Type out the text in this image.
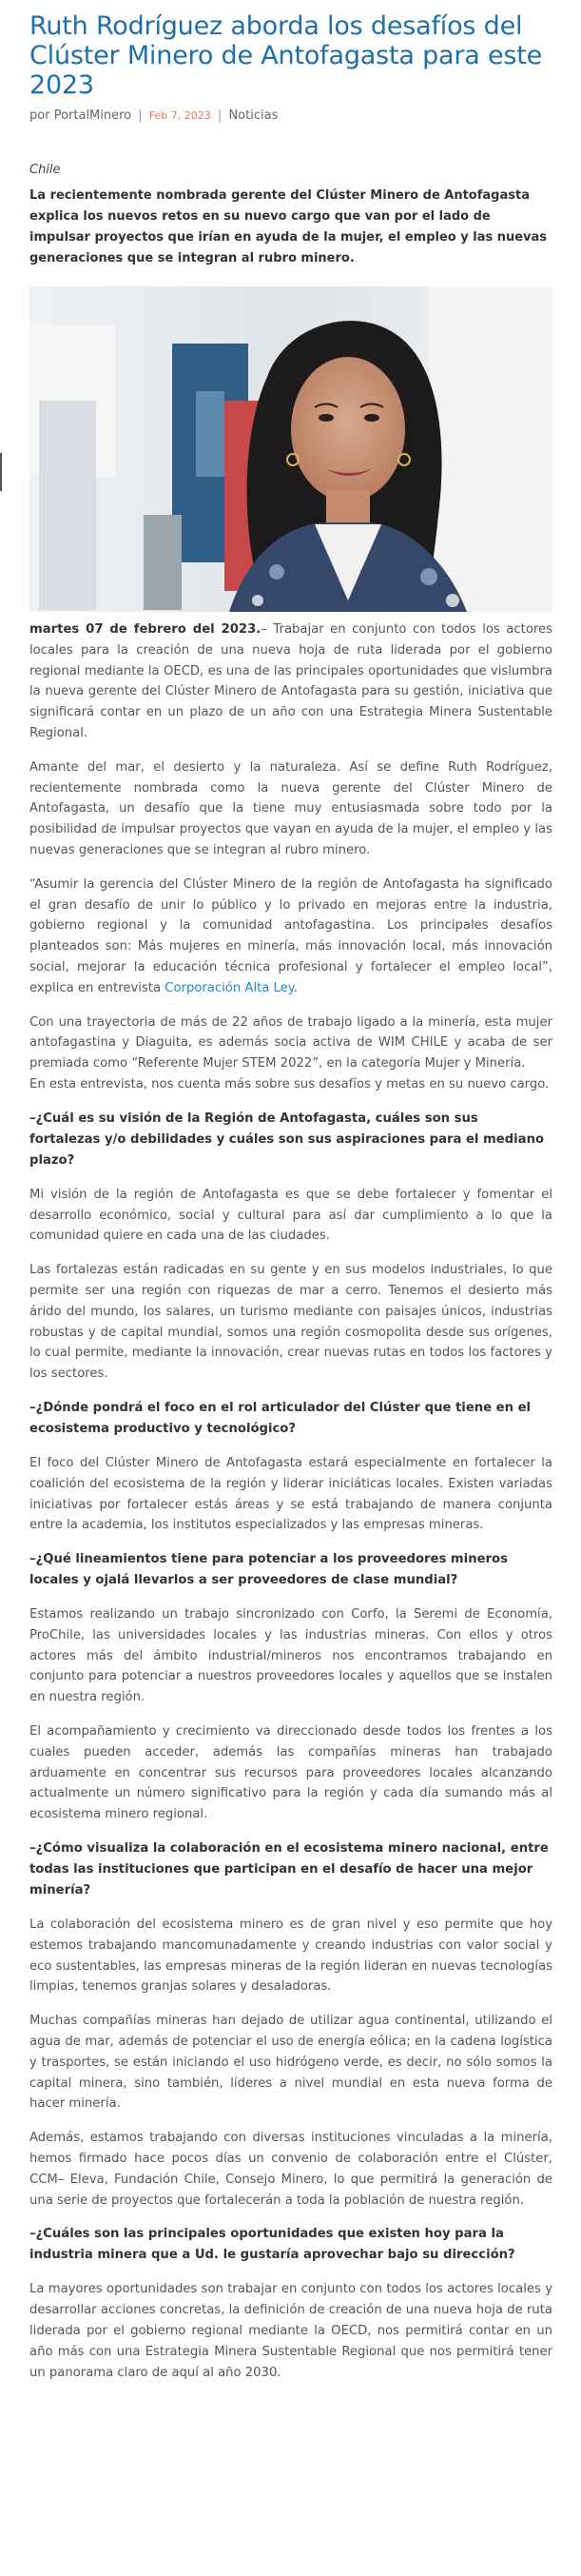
Ruth Rodríguez aborda los desafíos del Clúster Minero de Antofagasta para este 2023
por PortalMinero | Feb 7, 2023 | Noticias
Chile
La recientemente nombrada gerente del Clúster Minero de Antofagasta explica los nuevos retos en su nuevo cargo que van por el lado de impulsar proyectos que irían en ayuda de la mujer, el empleo y las nuevas generaciones que se integran al rubro minero.

martes 07 de febrero del 2023.– Trabajar en conjunto con todos los actores locales para la creación de una nueva hoja de ruta liderada por el gobierno regional mediante la OECD, es una de las principales oportunidades que vislumbra la nueva gerente del Clúster Minero de Antofagasta para su gestión, iniciativa que significará contar en un plazo de un año con una Estrategia Minera Sustentable Regional.

Amante del mar, el desierto y la naturaleza. Así se define Ruth Rodríguez, recientemente nombrada como la nueva gerente del Clúster Minero de Antofagasta, un desafío que la tiene muy entusiasmada sobre todo por la posibilidad de impulsar proyectos que vayan en ayuda de la mujer, el empleo y las nuevas generaciones que se integran al rubro minero.

“Asumir la gerencia del Clúster Minero de la región de Antofagasta ha significado el gran desafío de unir lo público y lo privado en mejoras entre la industria, gobierno regional y la comunidad antofagastina. Los principales desafíos planteados son: Más mujeres en minería, más innovación local, más innovación social, mejorar la educación técnica profesional y fortalecer el empleo local”, explica en entrevista Corporación Alta Ley.

Con una trayectoria de más de 22 años de trabajo ligado a la minería, esta mujer antofagastina y Diaguita, es además socia activa de WIM CHILE y acaba de ser premiada como “Referente Mujer STEM 2022”, en la categoría Mujer y Minería.
En esta entrevista, nos cuenta más sobre sus desafíos y metas en su nuevo cargo.

–¿Cuál es su visión de la Región de Antofagasta, cuáles son sus fortalezas y/o debilidades y cuáles son sus aspiraciones para el mediano plazo?

Mi visión de la región de Antofagasta es que se debe fortalecer y fomentar el desarrollo económico, social y cultural para así dar cumplimiento a lo que la comunidad quiere en cada una de las ciudades.

Las fortalezas están radicadas en su gente y en sus modelos industriales, lo que permite ser una región con riquezas de mar a cerro. Tenemos el desierto más árido del mundo, los salares, un turismo mediante con paisajes únicos, industrias robustas y de capital mundial, somos una región cosmopolita desde sus orígenes, lo cual permite, mediante la innovación, crear nuevas rutas en todos los factores y los sectores.

–¿Dónde pondrá el foco en el rol articulador del Clúster que tiene en el ecosistema productivo y tecnológico?

El foco del Clúster Minero de Antofagasta estará especialmente en fortalecer la coalición del ecosistema de la región y liderar iniciáticas locales. Existen variadas iniciativas por fortalecer estás áreas y se está trabajando de manera conjunta entre la academia, los institutos especializados y las empresas mineras.

–¿Qué lineamientos tiene para potenciar a los proveedores mineros locales y ojalá llevarlos a ser proveedores de clase mundial?

Estamos realizando un trabajo sincronizado con Corfo, la Seremi de Economía, ProChile, las universidades locales y las industrias mineras. Con ellos y otros actores más del ámbito industrial/mineros nos encontramos trabajando en conjunto para potenciar a nuestros proveedores locales y aquellos que se instalen en nuestra región.

El acompañamiento y crecimiento va direccionado desde todos los frentes a los cuales pueden acceder, además las compañías mineras han trabajado arduamente en concentrar sus recursos para proveedores locales alcanzando actualmente un número significativo para la región y cada día sumando más al ecosistema minero regional.

–¿Cómo visualiza la colaboración en el ecosistema minero nacional, entre todas las instituciones que participan en el desafío de hacer una mejor minería?

La colaboración del ecosistema minero es de gran nivel y eso permite que hoy estemos trabajando mancomunadamente y creando industrias con valor social y eco sustentables, las empresas mineras de la región lideran en nuevas tecnologías limpias, tenemos granjas solares y desaladoras.

Muchas compañías mineras han dejado de utilizar agua continental, utilizando el agua de mar, además de potenciar el uso de energía eólica; en la cadena logística y trasportes, se están iniciando el uso hidrógeno verde, es decir, no sólo somos la capital minera, sino también, líderes a nivel mundial en esta nueva forma de hacer minería.

Además, estamos trabajando con diversas instituciones vinculadas a la minería, hemos firmado hace pocos días un convenio de colaboración entre el Clúster, CCM– Eleva, Fundación Chile, Consejo Minero, lo que permitirá la generación de una serie de proyectos que fortalecerán a toda la población de nuestra región.

–¿Cuáles son las principales oportunidades que existen hoy para la industria minera que a Ud. le gustaría aprovechar bajo su dirección?

La mayores oportunidades son trabajar en conjunto con todos los actores locales y desarrollar acciones concretas, la definición de creación de una nueva hoja de ruta liderada por el gobierno regional mediante la OECD, nos permitirá contar en un año más con una Estrategia Minera Sustentable Regional que nos permitirá tener un panorama claro de aquí al año 2030.
